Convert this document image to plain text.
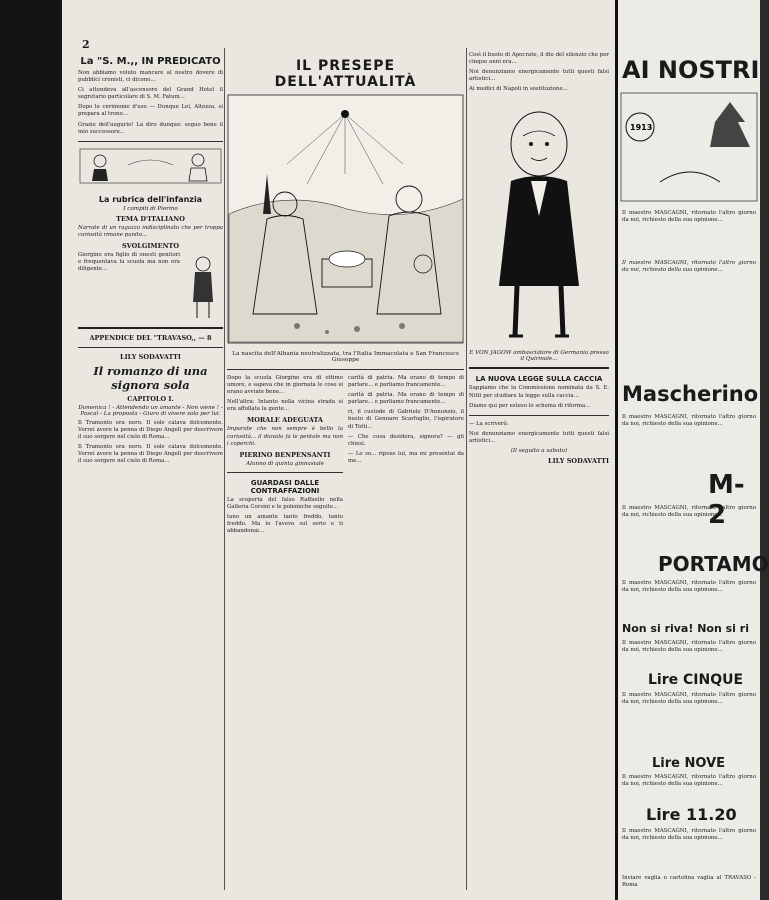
2
La "S. M.,, IN PREDICATO
Non abbiamo voluto mancare al nostro dovere di pubblici cronisti, ci dicono...
Ci attendeva all'ascensore del Grand Hotel il segretario particolare di S. M. Fatum...
Dopo le cerimonie d'uso — Dunque Lei, Altezza, si prepara al trono...
Grazie dell'augurio! La diro dunque: seguo bene il mio successore...
La rubrica dell'infanzia
I compiti di Pierino
TEMA D'ITALIANO
Narrate di un ragazzo indisciplinato che per troppa curiosità rimane punito...
SVOLGIMENTO
Giorgino era figlio di onesti genitori e frequentava la scuola ma non era diligente...
APPENDICE DEL "TRAVASO,, — 8
LILY SODAVATTI
Il romanzo di una signora sola
CAPITOLO I.
Domenica ! - Attendendo un amante - Non viene ! - Pascal - La proposta - Giuro di vivere solo per lui.
Il Tramonto era nero. Il sole calava dolcemente. Vorrei avere la penna di Diego Angeli per descrivere il suo sorgere nel cielo di Roma...
Il Tramonto era nero. Il sole calava dolcemente. Vorrei avere la penna di Diego Angeli per descrivere il suo sorgere nel cielo di Roma...
IL PRESEPE DELL'ATTUALITÀ
La nascita dell'Albania neutralizzata, tra l'Italia Immacolata e San Francesco Giuseppe
Dopo la scuola Giorgino era di ottimo umore, e sapeva che in giornata le cose si erano avviate bene...
Nell'altra: Intanto nella vicina strada si era affollata la gente...
MORALE ADEGUATA
Imparate che non sempre è bello la curiosità... il diavolo fa le pentole ma non i coperchi.
PIERINO BENPENSANTI
Alunno di quinta ginnasiale
GUARDASI DALLE CONTRAFFAZIONI
La scoperta del falso Raffaello nella Galleria Corsini e le polemiche seguite...
tano un amante tanto freddo, tanto freddo. Ma io l'avevo sul serio e ti abbandonai...
carità di patria. Ma erano di tempo di parlare... e parliamo francamente...
carità di patria. Ma erano di tempo di parlare... e parliamo francamente...
ri, il custode di Gabriele D'Annunzio, il busto di Gennaro Scarfoglio, l'ispiratore di Totti...
— Che cosa desidera, signora? — gli chiesi.
— Lo so... ripose lui, ma mi presentai da me...
Così il busto di Apocrate, il dio del silenzio che per cinque anni era...
Noi denunziamo energicamente tutti questi falsi artistici...
Ai medici di Napoli in sostituzione...
E VON JAGOW ambasciatore di Germania presso il Quirinale...
LA NUOVA LEGGE SULLA CACCIA
Sappiamo che la Commissione nominata da S. E. Nitti per studiare la legge sulla caccia...
Diamo qui per esteso lo schema di riforma...
— La scriverò.
Noi denunziamo energicamente tutti questi falsi artistici...
(Il seguito a sabato)
LILY SODAVATTI
AI NOSTRI
1913
Il maestro MASCAGNI, ritornato l'altro giorno da noi, richiesto della sua opinione...
Il maestro MASCAGNI, ritornato l'altro giorno da noi, richiesto della sua opinione...
Mascherino
Il maestro MASCAGNI, ritornato l'altro giorno da noi, richiesto della sua opinione...
M-2
Il maestro MASCAGNI, ritornato l'altro giorno da noi, richiesto della sua opinione...
PORTAMO
Il maestro MASCAGNI, ritornato l'altro giorno da noi, richiesto della sua opinione...
Non si riva! Non si ri
Il maestro MASCAGNI, ritornato l'altro giorno da noi, richiesto della sua opinione...
Lire CINQUE
Il maestro MASCAGNI, ritornato l'altro giorno da noi, richiesto della sua opinione...
Lire NOVE
Il maestro MASCAGNI, ritornato l'altro giorno da noi, richiesto della sua opinione...
Lire 11.20
Il maestro MASCAGNI, ritornato l'altro giorno da noi, richiesto della sua opinione...
Inviare vaglia o cartolina vaglia al TRAVASO - Roma
